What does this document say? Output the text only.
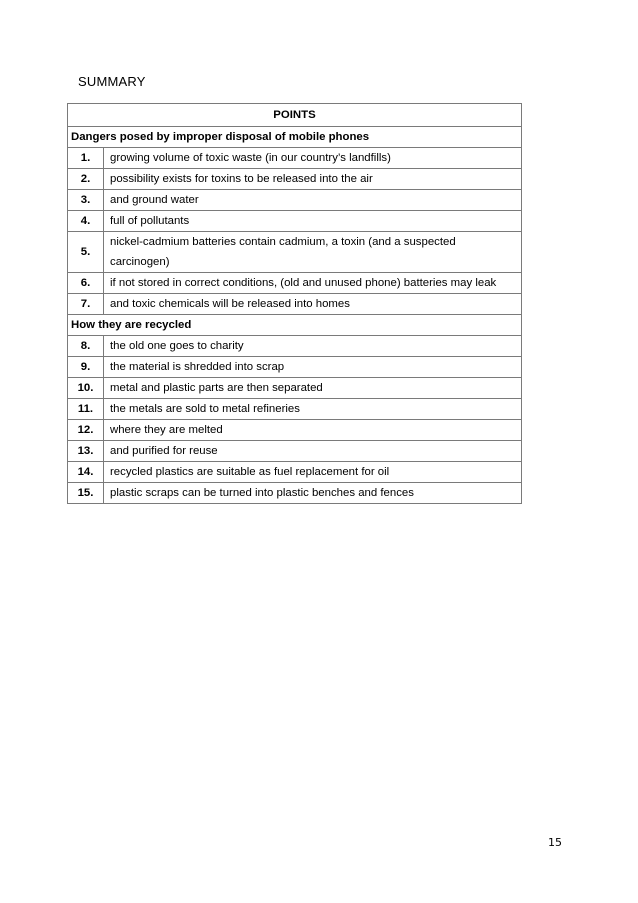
SUMMARY
POINTS	
Dangers posed by improper disposal of mobile phones	
1.	growing volume of toxic waste (in our country’s landfills)
2.	possibility exists for toxins to be released into the air
3.	and ground water
4.	full of pollutants
5.	nickel-cadmium batteries contain cadmium, a toxin (and a suspected carcinogen)
6.	if not stored in correct conditions, (old and unused phone) batteries may leak
7.	and toxic chemicals will be released into homes
How they are recycled	
8.	the old one goes to charity
9.	the material is shredded into scrap
10.	metal and plastic parts are then separated
11.	the metals are sold to metal refineries
12.	where they are melted
13.	and purified for reuse
14.	recycled plastics are suitable as fuel replacement for oil
15.	plastic scraps can be turned into plastic benches and fences
15
